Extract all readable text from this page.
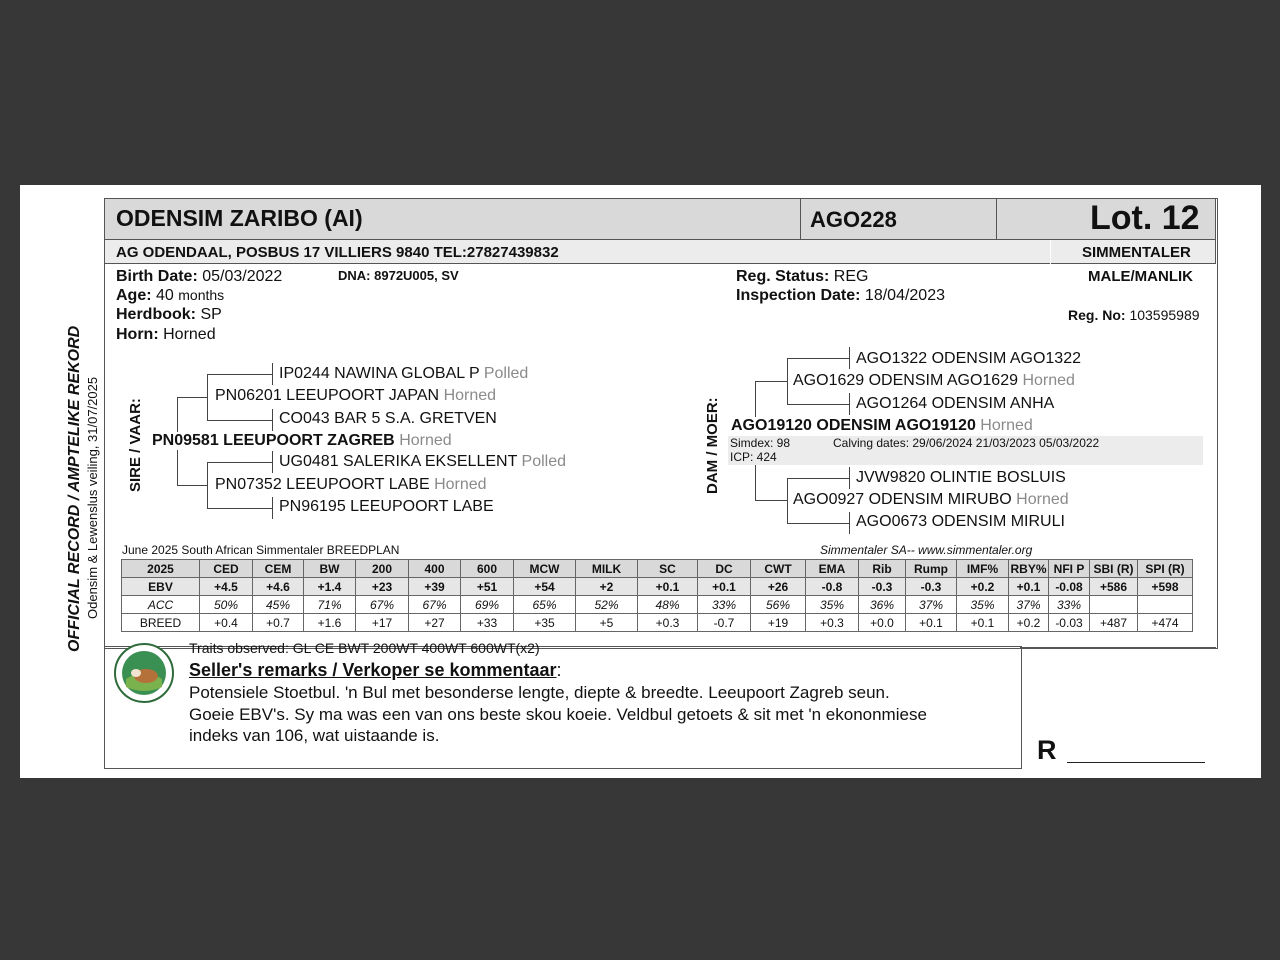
ODENSIM ZARIBO (AI)	AGO228	Lot. 12
AG ODENDAAL, POSBUS 17 VILLIERS 9840 TEL:27827439832	SIMMENTALER
Birth Date: 05/03/2022	DNA: 8972U005, SV
Age: 40 months
Herdbook: SP
Horn: Horned
Reg. Status: REG
Inspection Date: 18/04/2023
MALE/MANLIK
Reg. No: 103595989
SIRE / VAAR:
IP0244 NAWINA GLOBAL P Polled
PN06201 LEEUPOORT JAPAN Horned
CO043 BAR 5 S.A. GRETVEN
PN09581 LEEUPOORT ZAGREB Horned
UG0481 SALERIKA EKSELLENT Polled
PN07352 LEEUPOORT LABE Horned
PN96195 LEEUPOORT LABE
DAM / MOER:
AGO1322 ODENSIM AGO1322
AGO1629 ODENSIM AGO1629 Horned
AGO1264 ODENSIM ANHA
AGO19120 ODENSIM AGO19120 Horned
Simdex: 98	Calving dates: 29/06/2024 21/03/2023 05/03/2022
ICP: 424
JVW9820 OLINTIE BOSLUIS
AGO0927 ODENSIM MIRUBO Horned
AGO0673 ODENSIM MIRULI
June 2025 South African Simmentaler BREEDPLAN	Simmentaler SA-- www.simmentaler.org
2025	CED	CEM	BW	200	400	600	MCW	MILK	SC	DC	CWT	EMA	Rib	Rump	IMF%	RBY%	NFI P	SBI (R)	SPI (R)
EBV	+4.5	+4.6	+1.4	+23	+39	+51	+54	+2	+0.1	+0.1	+26	-0.8	-0.3	-0.3	+0.2	+0.1	-0.08	+586	+598
ACC	50%	45%	71%	67%	67%	69%	65%	52%	48%	33%	56%	35%	36%	37%	35%	37%	33%		
BREED	+0.4	+0.7	+1.6	+17	+27	+33	+35	+5	+0.3	-0.7	+19	+0.3	+0.0	+0.1	+0.1	+0.2	-0.03	+487	+474
Traits observed: GL CE BWT 200WT 400WT 600WT(x2)
Seller's remarks / Verkoper se kommentaar:
Potensiele Stoetbul. 'n Bul met besonderse lengte, diepte & breedte. Leeupoort Zagreb seun.
Goeie EBV's. Sy ma was een van ons beste skou koeie. Veldbul getoets & sit met 'n ekononmiese
indeks van 106, wat uistaande is.	R
OFFICIAL RECORD / AMPTELIKE REKORD Odensim & Lewenslus veiling, 31/07/2025
